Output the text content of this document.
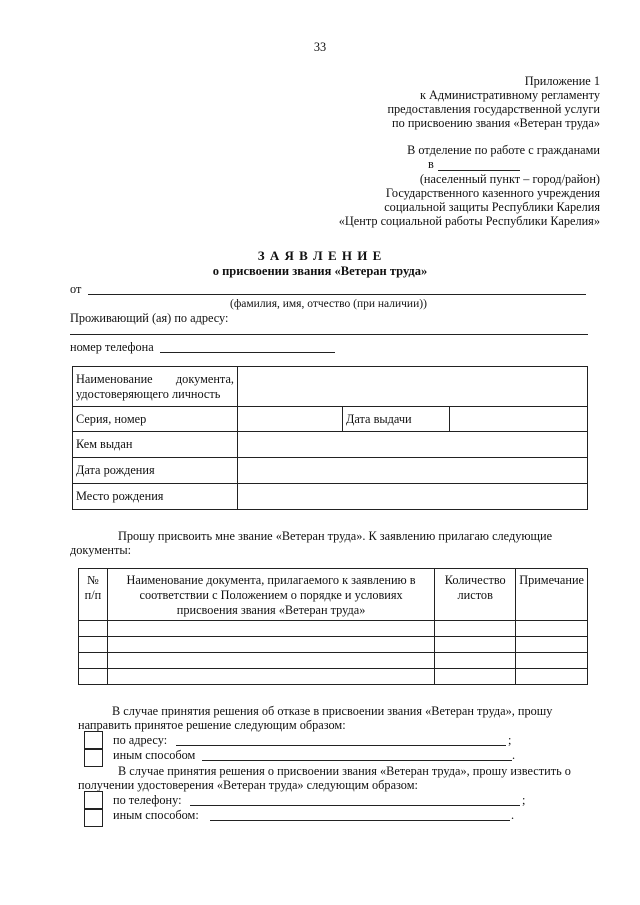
33
Приложение 1
к Административному регламенту
предоставления государственной услуги
по присвоению звания «Ветеран труда»
В отделение по работе с гражданами
в
(населенный пункт – город/район)
Государственного казенного учреждения
социальной защиты Республики Карелия
«Центр социальной работы Республики Карелия»
З А Я В Л Е Н И Е
о присвоении звания «Ветеран труда»
от
(фамилия, имя, отчество (при наличии))
Проживающий (ая) по адресу:
номер телефона
Наименование документа, удостоверяющего личность			
Серия, номер		Дата выдачи	
Кем выдан			
Дата рождения			
Место рождения			
Прошу присвоить мне звание «Ветеран труда». К заявлению прилагаю следующие
документы:
№ п/п	Наименование документа, прилагаемого к заявлению в соответствии с Положением о порядке и условиях присвоения звания «Ветеран труда»	Количество листов	Примечание

В случае принятия решения об отказе в присвоении звания «Ветеран труда», прошу
направить принятое решение следующим образом:
по адресу:	;
иным способом	.
В случае принятия решения о присвоении звания «Ветеран труда», прошу известить о
получении удостоверения «Ветеран труда» следующим образом:
по телефону:	;
иным способом:	.
